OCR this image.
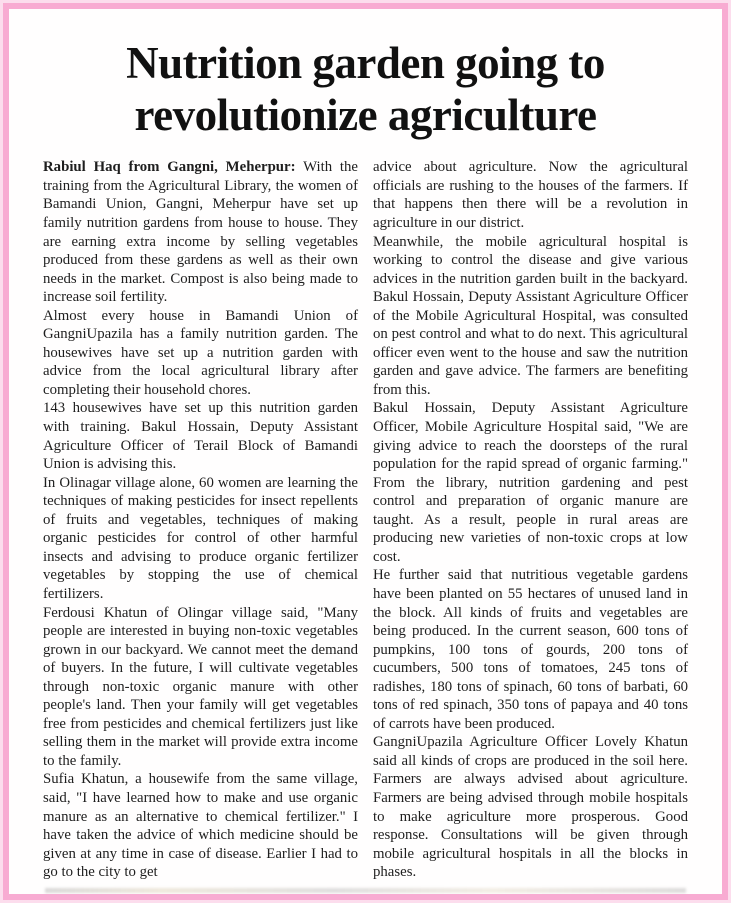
Nutrition garden going to
revolutionize agriculture

Rabiul Haq from Gangni, Meherpur: With the training from the Agricultural Library, the women of Bamandi Union, Gangni, Meherpur have set up family nutrition gardens from house to house. They are earning extra income by selling vegetables produced from these gardens as well as their own needs in the market. Compost is also being made to increase soil fertility.

Almost every house in Bamandi Union of GangniUpazila has a family nutrition garden. The housewives have set up a nutrition garden with advice from the local agricultural library after completing their household chores.

143 housewives have set up this nutrition garden with training. Bakul Hossain, Deputy Assistant Agriculture Officer of Terail Block of Bamandi Union is advising this.

In Olinagar village alone, 60 women are learning the techniques of making pesticides for insect repellents of fruits and vegetables, techniques of making organic pesticides for control of other harmful insects and advising to produce organic fertilizer vegetables by stopping the use of chemical fertilizers.

Ferdousi Khatun of Olingar village said, "Many people are interested in buying non-toxic vegetables grown in our backyard. We cannot meet the demand of buyers. In the future, I will cultivate vegetables through non-toxic organic manure with other people's land. Then your family will get vegetables free from pesticides and chemical fertilizers just like selling them in the market will provide extra income to the family.

Sufia Khatun, a housewife from the same village, said, "I have learned how to make and use organic manure as an alternative to chemical fertilizer." I have taken the advice of which medicine should be given at any time in case of disease. Earlier I had to go to the city to get

advice about agriculture. Now the agricultural officials are rushing to the houses of the farmers. If that happens then there will be a revolution in agriculture in our district.

Meanwhile, the mobile agricultural hospital is working to control the disease and give various advices in the nutrition garden built in the backyard. Bakul Hossain, Deputy Assistant Agriculture Officer of the Mobile Agricultural Hospital, was consulted on pest control and what to do next. This agricultural officer even went to the house and saw the nutrition garden and gave advice. The farmers are benefiting from this.

Bakul Hossain, Deputy Assistant Agriculture Officer, Mobile Agriculture Hospital said, "We are giving advice to reach the doorsteps of the rural population for the rapid spread of organic farming." From the library, nutrition gardening and pest control and preparation of organic manure are taught. As a result, people in rural areas are producing new varieties of non-toxic crops at low cost.

He further said that nutritious vegetable gardens have been planted on 55 hectares of unused land in the block. All kinds of fruits and vegetables are being produced. In the current season, 600 tons of pumpkins, 100 tons of gourds, 200 tons of cucumbers, 500 tons of tomatoes, 245 tons of radishes, 180 tons of spinach, 60 tons of barbati, 60 tons of red spinach, 350 tons of papaya and 40 tons of carrots have been produced.

GangniUpazila Agriculture Officer Lovely Khatun said all kinds of crops are produced in the soil here. Farmers are always advised about agriculture. Farmers are being advised through mobile hospitals to make agriculture more prosperous. Good response. Consultations will be given through mobile agricultural hospitals in all the blocks in phases.
